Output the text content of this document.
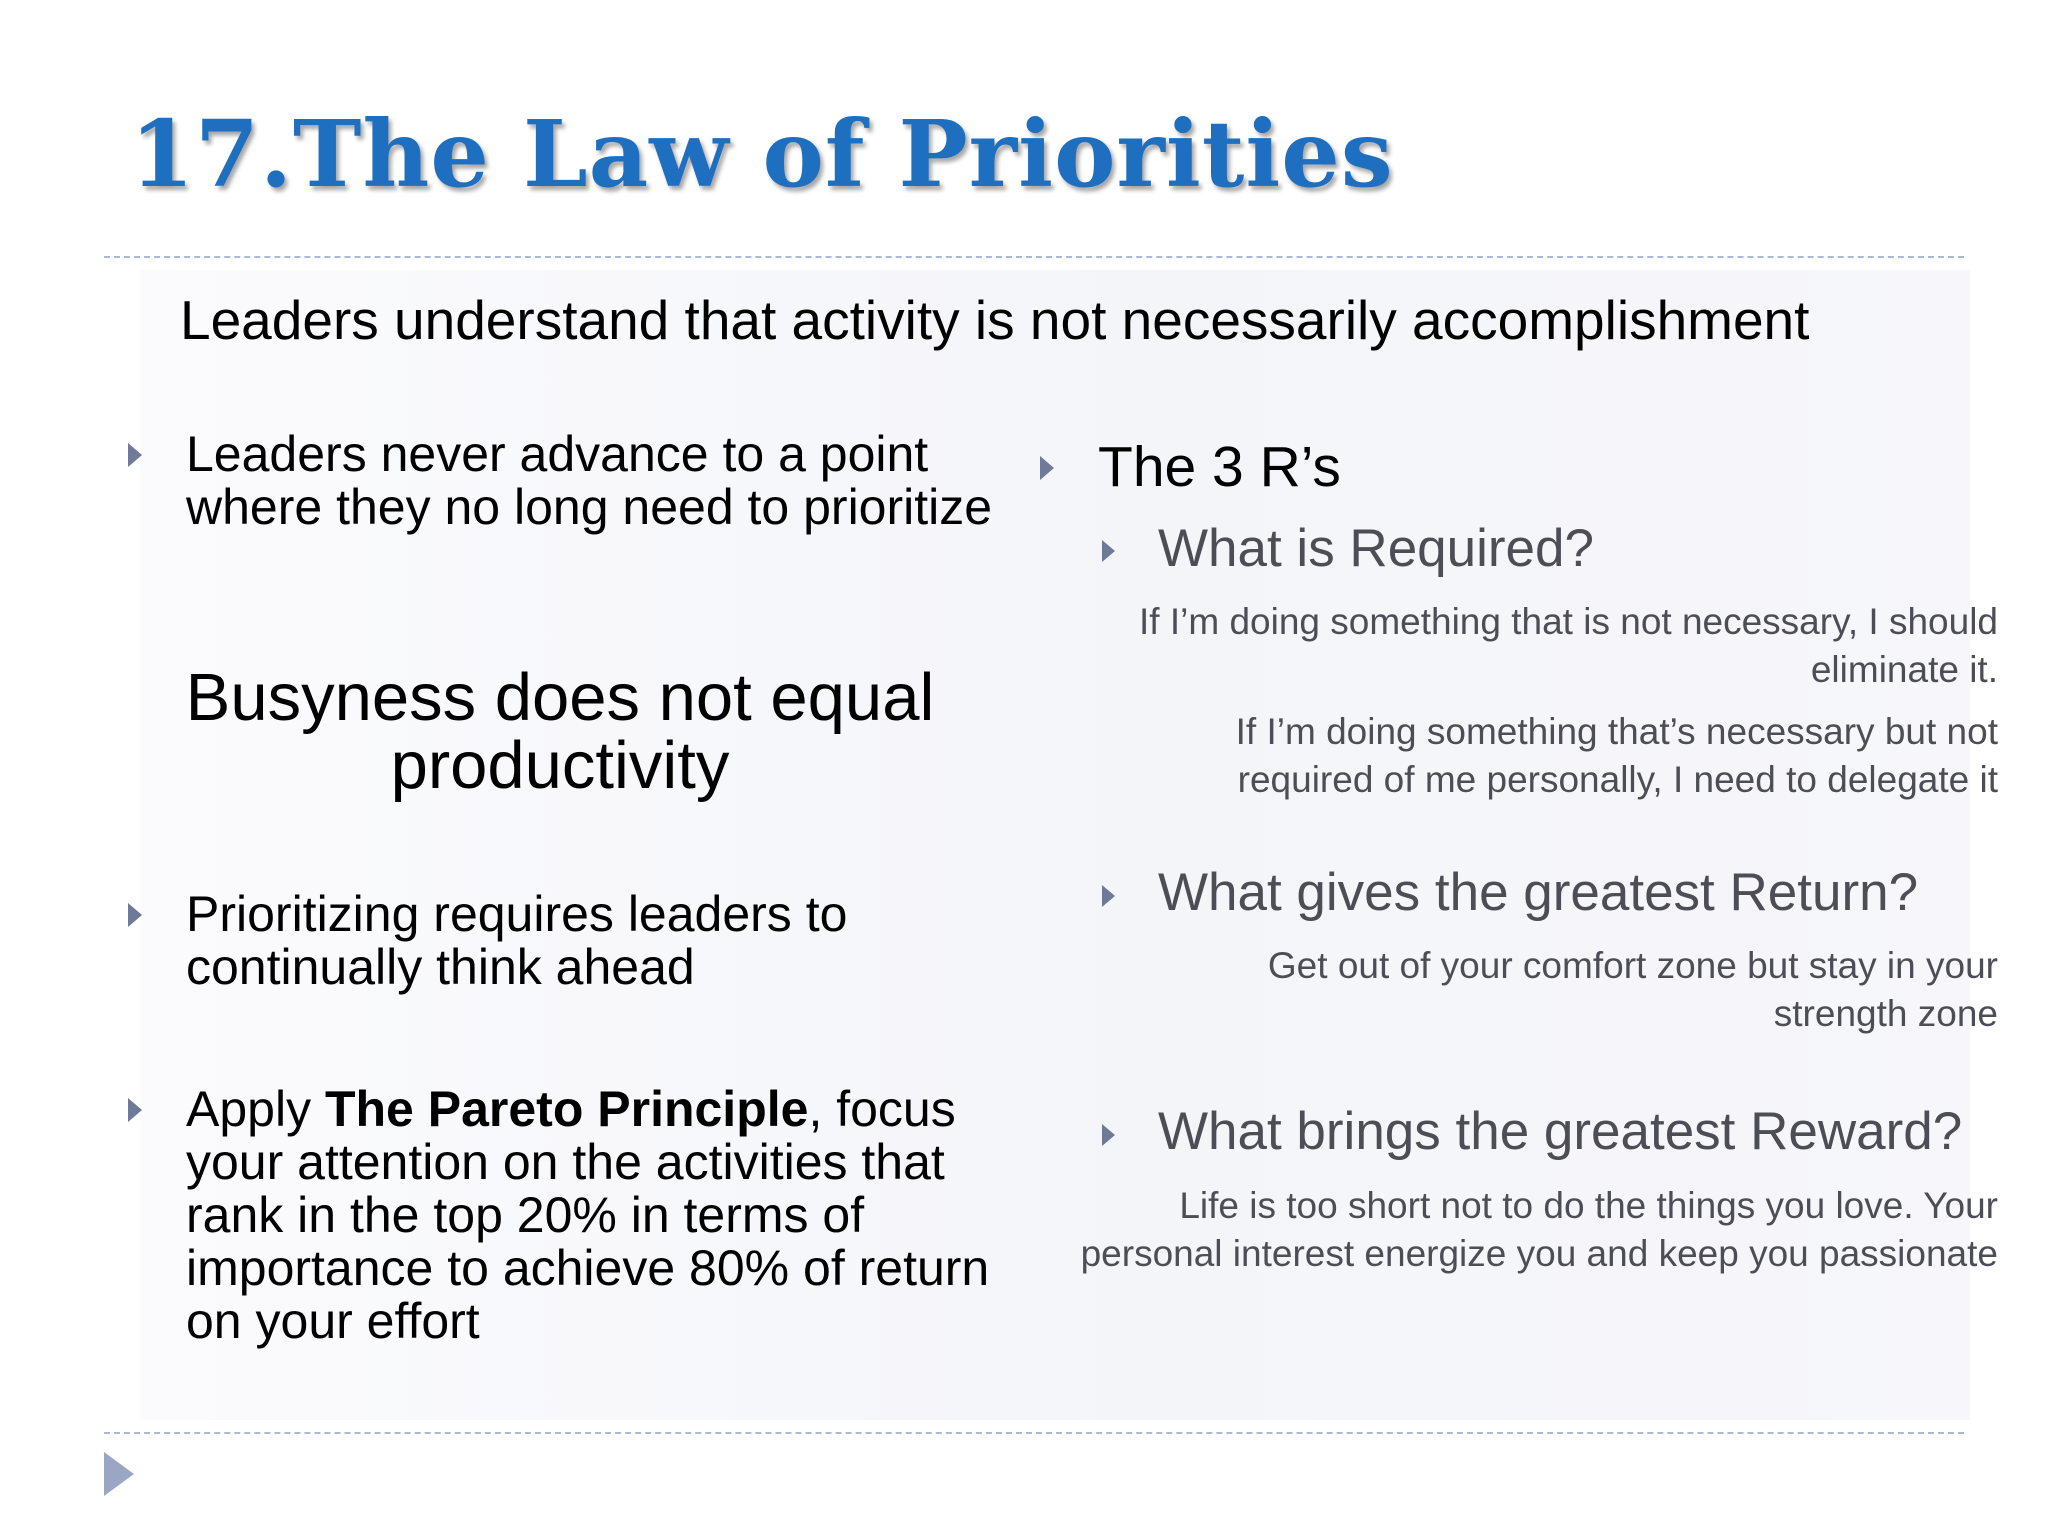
17.The Law of Priorities
Leaders understand that activity is not necessarily accomplishment
Leaders never advance to a point where they no long need to prioritize
Busyness does not equal productivity
Prioritizing requires leaders to continually think ahead
Apply The Pareto Principle, focus your attention on the activities that rank in the top 20% in terms of importance to achieve 80% of return on your effort
The 3 R’s
What is Required?
If I’m doing something that is not necessary, I should eliminate it.
If I’m doing something that’s necessary but not required of me personally, I need to delegate it
What gives the greatest Return?
Get out of your comfort zone but stay in your strength zone
What brings the greatest Reward?
Life is too short not to do the things you love. Your personal interest energize you and keep you passionate
